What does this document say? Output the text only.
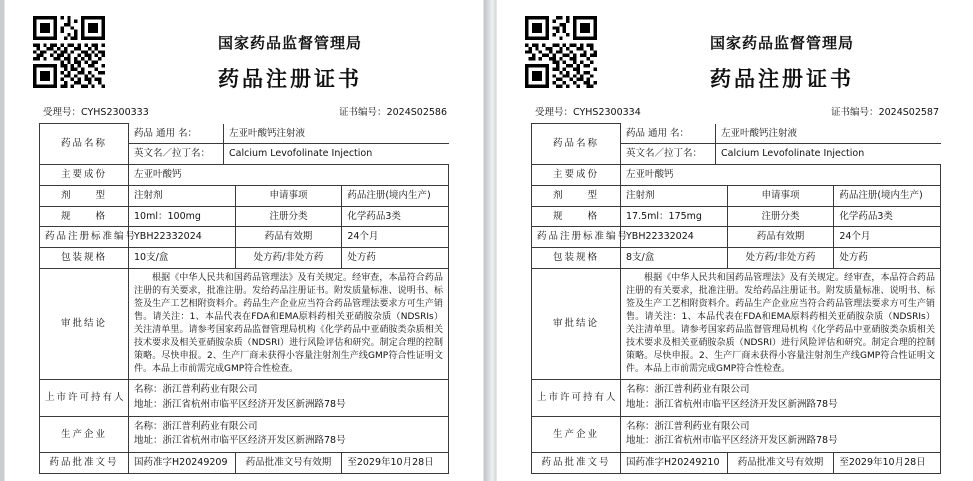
国家药品监督管理局
药品注册证书
受理号：CYHS2300333	证书编号：2024S02586
药品名称	
药品 通用 名：	左亚叶酸钙注射液
英文名／拉丁名：	Calcium Levofolinate Injection

主要成份	左亚叶酸钙
剂　　型	注射剂	申请事项	药品注册(境内生产)
规　　格	10ml：100mg	注册分类	化学药品3类
药品注册标准编号	YBH22332024	药品有效期	24个月
包装规格	10支/盒	处方药/非处方药	处方药
审批结论	根据《中华人民共和国药品管理法》及有关规定。经审查，本品符合药品注册的有关要求，批准注册。发给药品注册证书。附发质量标准、说明书、标签及生产工艺相附资料介。药品生产企业应当符合药品管理法要求方可生产销售。请关注：1、本品代表在FDA和EMA原料药相关亚硝胺杂质（NDSRIs）关注清单里。请参考国家药品监督管理局机构《化学药品中亚硝胺类杂质相关技术要求及相关亚硝胺杂质（NDSRI）进行风险评估和研究。制定合理的控制策略。尽快申报。2、生产厂商未获得小容量注射剂生产线GMP符合性证明文件。本品上市前需完成GMP符合性检查。
上市许可持有人	
名称：浙江普利药业有限公司
地址：浙江省杭州市临平区经济开发区新洲路78号

生产企业	
名称：浙江普利药业有限公司
地址：浙江省杭州市临平区经济开发区新洲路78号

药品批准文号	国药准字H20249209	药品批准文号有效期	至2029年10月28日
国家药品监督管理局
药品注册证书
受理号：CYHS2300334	证书编号：2024S02587
药品名称	
药品 通用 名：	左亚叶酸钙注射液
英文名／拉丁名：	Calcium Levofolinate Injection

主要成份	左亚叶酸钙
剂　　型	注射剂	申请事项	药品注册(境内生产)
规　　格	17.5ml：175mg	注册分类	化学药品3类
药品注册标准编号	YBH22332024	药品有效期	24个月
包装规格	8支/盒	处方药/非处方药	处方药
审批结论	根据《中华人民共和国药品管理法》及有关规定。经审查，本品符合药品注册的有关要求，批准注册。发给药品注册证书。附发质量标准、说明书、标签及生产工艺相附资料介。药品生产企业应当符合药品管理法要求方可生产销售。请关注：1、本品代表在FDA和EMA原料药相关亚硝胺杂质（NDSRIs）关注清单里。请参考国家药品监督管理局机构《化学药品中亚硝胺类杂质相关技术要求及相关亚硝胺杂质（NDSRI）进行风险评估和研究。制定合理的控制策略。尽快申报。2、生产厂商未获得小容量注射剂生产线GMP符合性证明文件。本品上市前需完成GMP符合性检查。
上市许可持有人	
名称：浙江普利药业有限公司
地址：浙江省杭州市临平区经济开发区新洲路78号

生产企业	
名称：浙江普利药业有限公司
地址：浙江省杭州市临平区经济开发区新洲路78号

药品批准文号	国药准字H20249210	药品批准文号有效期	至2029年10月28日
